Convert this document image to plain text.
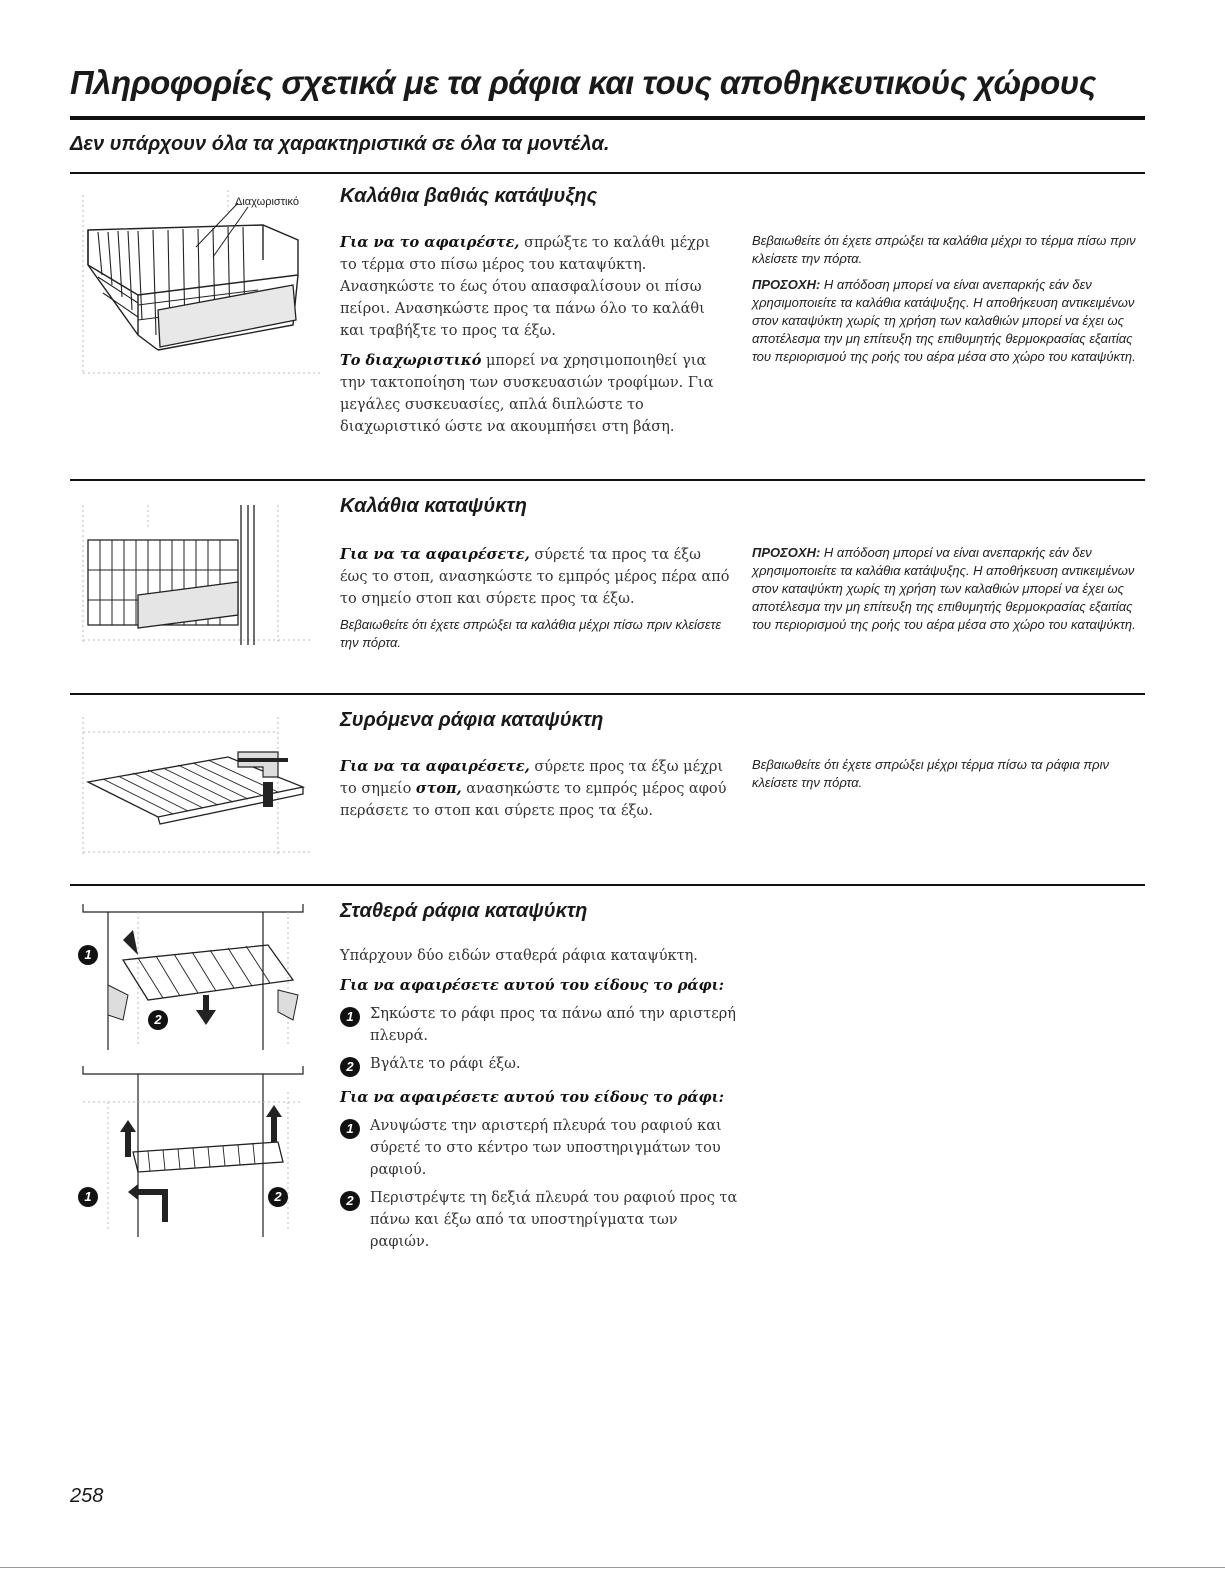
Πληροφορίες σχετικά με τα ράφια και τους αποθηκευτικούς χώρους
Δεν υπάρχουν όλα τα χαρακτηριστικά σε όλα τα μοντέλα.
Διαχωριστικό Καλάθια βαθιάς κατάψυξης

Για να το αφαιρέστε, σπρώξτε το καλάθι μέχρι το τέρμα στο πίσω μέρος του καταψύκτη. Ανασηκώστε το έως ότου απασφαλίσουν οι πίσω πείροι. Ανασηκώστε προς τα πάνω όλο το καλάθι και τραβήξτε το προς τα έξω.

Το διαχωριστικό μπορεί να χρησιμοποιηθεί για την τακτοποίηση των συσκευασιών τροφίμων. Για μεγάλες συσκευασίες, απλά διπλώστε το διαχωριστικό ώστε να ακουμπήσει στη βάση.

Βεβαιωθείτε ότι έχετε σπρώξει τα καλάθια μέχρι το τέρμα πίσω πριν κλείσετε την πόρτα.
ΠΡΟΣΟΧΗ: Η απόδοση μπορεί να είναι ανεπαρκής εάν δεν χρησιμοποιείτε τα καλάθια κατάψυξης. Η αποθήκευση αντικειμένων στον καταψύκτη χωρίς τη χρήση των καλαθιών μπορεί να έχει ως αποτέλεσμα την μη επίτευξη της επιθυμητής θερμοκρασίας εξαιτίας του περιορισμού της ροής του αέρα μέσα στο χώρο του καταψύκτη.
Καλάθια καταψύκτη

Για να τα αφαιρέσετε, σύρετέ τα προς τα έξω έως το στοπ, ανασηκώστε το εμπρός μέρος πέρα από το σημείο στοπ και σύρετε προς τα έξω.

Βεβαιωθείτε ότι έχετε σπρώξει τα καλάθια μέχρι πίσω πριν κλείσετε την πόρτα.
ΠΡΟΣΟΧΗ: Η απόδοση μπορεί να είναι ανεπαρκής εάν δεν χρησιμοποιείτε τα καλάθια κατάψυξης. Η αποθήκευση αντικειμένων στον καταψύκτη χωρίς τη χρήση των καλαθιών μπορεί να έχει ως αποτέλεσμα την μη επίτευξη της επιθυμητής θερμοκρασίας εξαιτίας του περιορισμού της ροής του αέρα μέσα στο χώρο του καταψύκτη.
Συρόμενα ράφια καταψύκτη

Για να τα αφαιρέσετε, σύρετε προς τα έξω μέχρι το σημείο στοπ, ανασηκώστε το εμπρός μέρος αφού περάσετε το στοπ και σύρετε προς τα έξω.

Βεβαιωθείτε ότι έχετε σπρώξει μέχρι τέρμα πίσω τα ράφια πριν κλείσετε την πόρτα.
1
2
1	2
Σταθερά ράφια καταψύκτη
Υπάρχουν δύο ειδών σταθερά ράφια καταψύκτη.
Για να αφαιρέσετε αυτού του είδους το ράφι:
1	Σηκώστε το ράφι προς τα πάνω από την αριστερή πλευρά.
2	Βγάλτε το ράφι έξω.
Για να αφαιρέσετε αυτού του είδους το ράφι:
1	Ανυψώστε την αριστερή πλευρά του ραφιού και σύρετέ το στο κέντρο των υποστηριγμάτων του ραφιού.
2	Περιστρέψτε τη δεξιά πλευρά του ραφιού προς τα πάνω και έξω από τα υποστηρίγματα των ραφιών.
258
